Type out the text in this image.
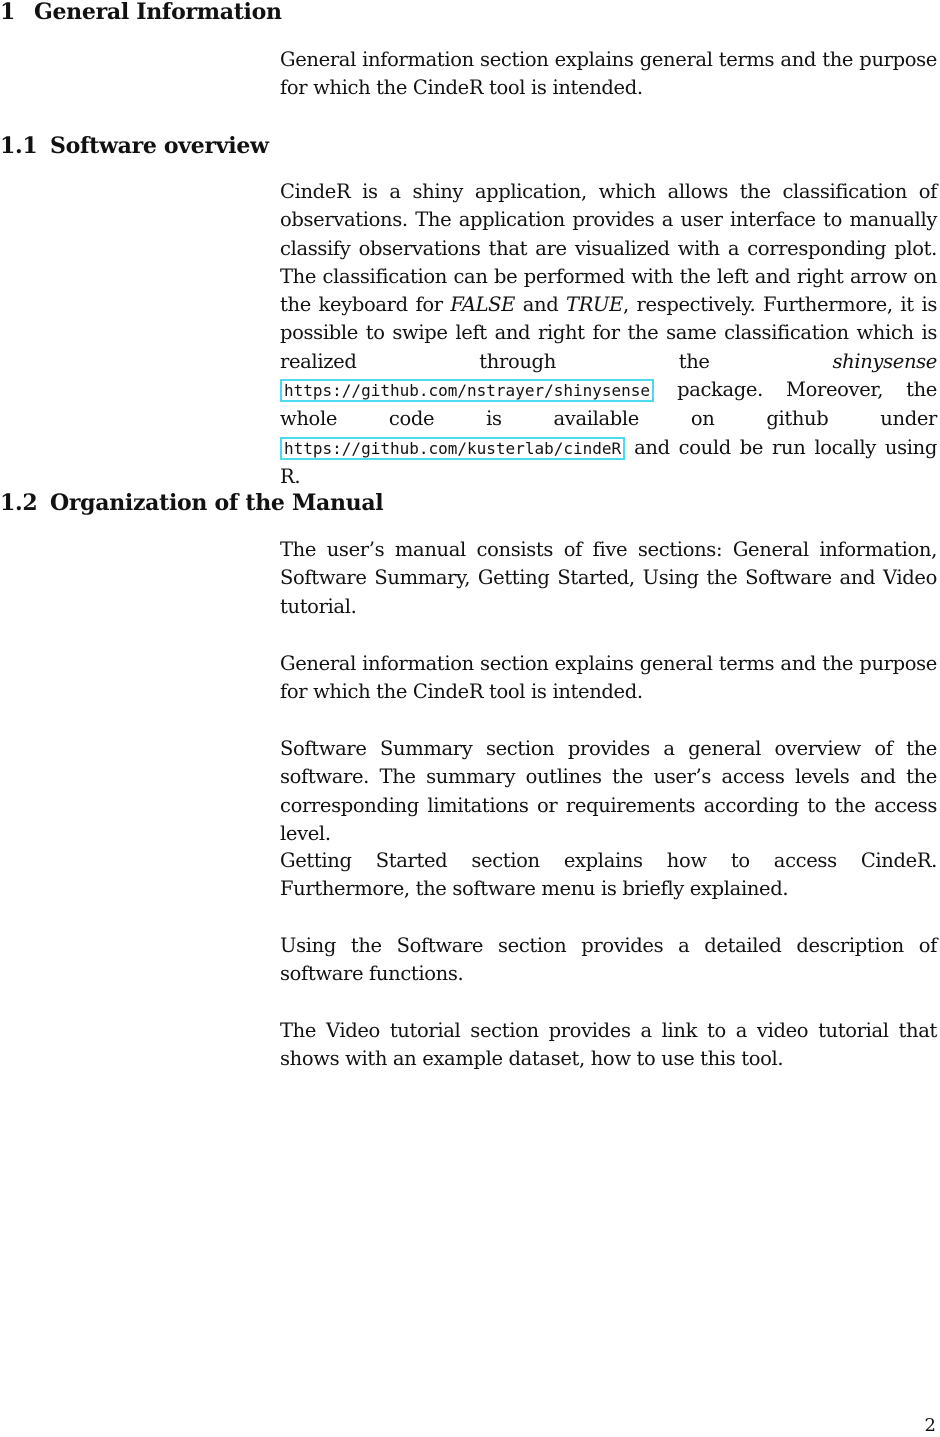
1 General Information

General information section explains general terms and the purpose for which the CindeR tool is intended.

1.1 Software overview

CindeR is a shiny application, which allows the classification of observations. The application provides a user interface to manually classify observations that are visualized with a corresponding plot. The classification can be performed with the left and right arrow on the keyboard for FALSE and TRUE, respectively. Furthermore, it is possible to swipe left and right for the same classification which is realized through the shinysense https://github.com/nstrayer/shinysense package. Moreover, the whole code is available on github under https://github.com/kusterlab/cindeR and could be run locally using R.

1.2 Organization of the Manual

The user’s manual consists of five sections: General information, Software Summary, Getting Started, Using the Software and Video tutorial.

General information section explains general terms and the purpose for which the CindeR tool is intended.

Software Summary section provides a general overview of the software. The summary outlines the user’s access levels and the corresponding limitations or requirements according to the access level.

Getting Started section explains how to access CindeR. Furthermore, the software menu is briefly explained.

Using the Software section provides a detailed description of software functions.

The Video tutorial section provides a link to a video tutorial that shows with an example dataset, how to use this tool.

2
